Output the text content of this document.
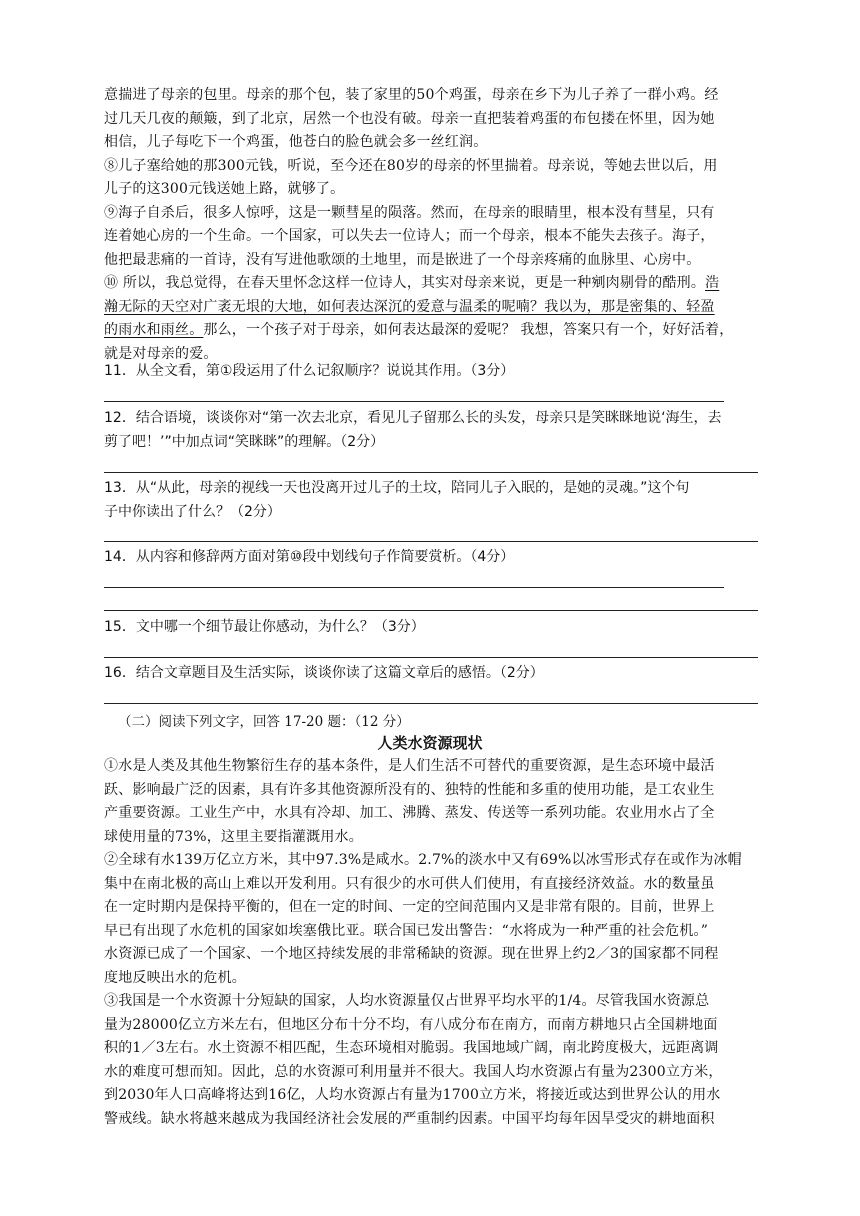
意揣进了母亲的包里。母亲的那个包，装了家里的50个鸡蛋，母亲在乡下为儿子养了一群小鸡。经
过几天几夜的颠簸，到了北京，居然一个也没有破。母亲一直把装着鸡蛋的布包搂在怀里，因为她
相信，儿子每吃下一个鸡蛋，他苍白的脸色就会多一丝红润。
⑧儿子塞给她的那300元钱，听说，至今还在80岁的母亲的怀里揣着。母亲说，等她去世以后，用
儿子的这300元钱送她上路，就够了。
⑨海子自杀后，很多人惊呼，这是一颗彗星的陨落。然而，在母亲的眼睛里，根本没有彗星，只有
连着她心房的一个生命。一个国家，可以失去一位诗人；而一个母亲，根本不能失去孩子。海子，
他把最悲痛的一首诗，没有写进他歌颂的土地里，而是嵌进了一个母亲疼痛的血脉里、心房中。
⑩ 所以，我总觉得，在春天里怀念这样一位诗人，其实对母亲来说，更是一种剜肉剔骨的酷刑。浩
瀚无际的天空对广袤无垠的大地，如何表达深沉的爱意与温柔的呢喃？我以为，那是密集的、轻盈
的雨水和雨丝。那么，一个孩子对于母亲，如何表达最深的爱呢？ 我想，答案只有一个，好好活着，
就是对母亲的爱。
11．从全文看，第①段运用了什么记叙顺序？说说其作用。（3分）
12．结合语境，谈谈你对“第一次去北京，看见儿子留那么长的头发，母亲只是笑眯眯地说‘海生，去
剪了吧！’”中加点词“笑眯眯”的理解。（2分）
13．从“从此，母亲的视线一天也没离开过儿子的土坟，陪同儿子入眠的，是她的灵魂。”这个句
子中你读出了什么？（2分）
14．从内容和修辞两方面对第⑩段中划线句子作简要赏析。（4分）
15．文中哪一个细节最让你感动，为什么？（3分）
16．结合文章题目及生活实际，谈谈你读了这篇文章后的感悟。（2分）
（二）阅读下列文字，回答 17-20 题：（12 分）
人类水资源现状
①水是人类及其他生物繁衍生存的基本条件，是人们生活不可替代的重要资源，是生态环境中最活
跃、影响最广泛的因素，具有许多其他资源所没有的、独特的性能和多重的使用功能，是工农业生
产重要资源。工业生产中，水具有冷却、加工、沸腾、蒸发、传送等一系列功能。农业用水占了全
球使用量的73%，这里主要指灌溉用水。
②全球有水139万亿立方米，其中97.3%是咸水。2.7%的淡水中又有69%以冰雪形式存在或作为冰帽
集中在南北极的高山上难以开发利用。只有很少的水可供人们使用，有直接经济效益。水的数量虽
在一定时期内是保持平衡的，但在一定的时间、一定的空间范围内又是非常有限的。目前，世界上
早已有出现了水危机的国家如埃塞俄比亚。联合国已发出警告：“水将成为一种严重的社会危机。”
水资源已成了一个国家、一个地区持续发展的非常稀缺的资源。现在世界上约2／3的国家都不同程
度地反映出水的危机。
③我国是一个水资源十分短缺的国家，人均水资源量仅占世界平均水平的1/4。尽管我国水资源总
量为28000亿立方米左右，但地区分布十分不均，有八成分布在南方，而南方耕地只占全国耕地面
积的1／3左右。水土资源不相匹配，生态环境相对脆弱。我国地域广阔，南北跨度极大，远距离调
水的难度可想而知。因此，总的水资源可利用量并不很大。我国人均水资源占有量为2300立方米，
到2030年人口高峰将达到16亿，人均水资源占有量为1700立方米，将接近或达到世界公认的用水
警戒线。缺水将越来越成为我国经济社会发展的严重制约因素。中国平均每年因旱受灾的耕地面积
